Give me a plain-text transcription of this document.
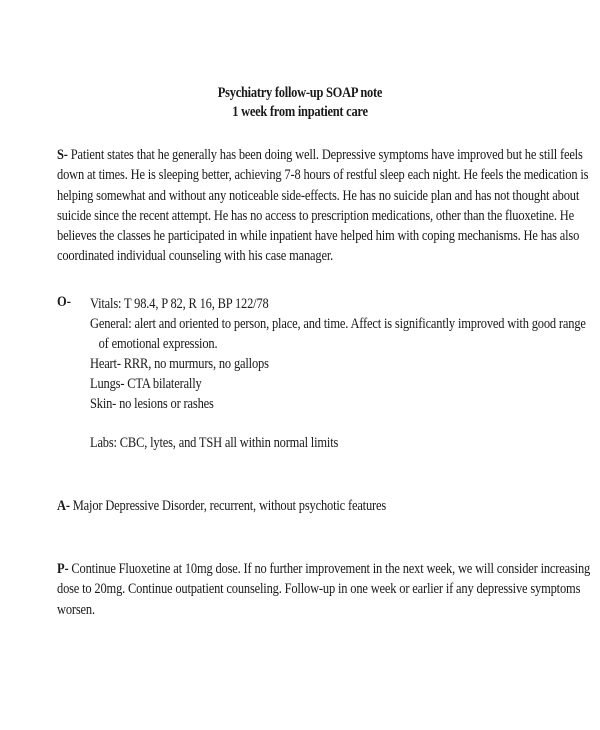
Psychiatry follow-up SOAP note
1 week from inpatient care
S- Patient states that he generally has been doing well. Depressive symptoms have improved but he still feels
down at times. He is sleeping better, achieving 7-8 hours of restful sleep each night. He feels the medication is
helping somewhat and without any noticeable side-effects. He has no suicide plan and has not thought about
suicide since the recent attempt. He has no access to prescription medications, other than the fluoxetine. He
believes the classes he participated in while inpatient have helped him with coping mechanisms. He has also
coordinated individual counseling with his case manager.
O- Vitals: T 98.4, P 82, R 16, BP 122/78
General: alert and oriented to person, place, and time. Affect is significantly improved with good range
of emotional expression.
Heart- RRR, no murmurs, no gallops
Lungs- CTA bilaterally
Skin- no lesions or rashes
Labs: CBC, lytes, and TSH all within normal limits
A- Major Depressive Disorder, recurrent, without psychotic features
P- Continue Fluoxetine at 10mg dose. If no further improvement in the next week, we will consider increasing
dose to 20mg. Continue outpatient counseling. Follow-up in one week or earlier if any depressive symptoms
worsen.
